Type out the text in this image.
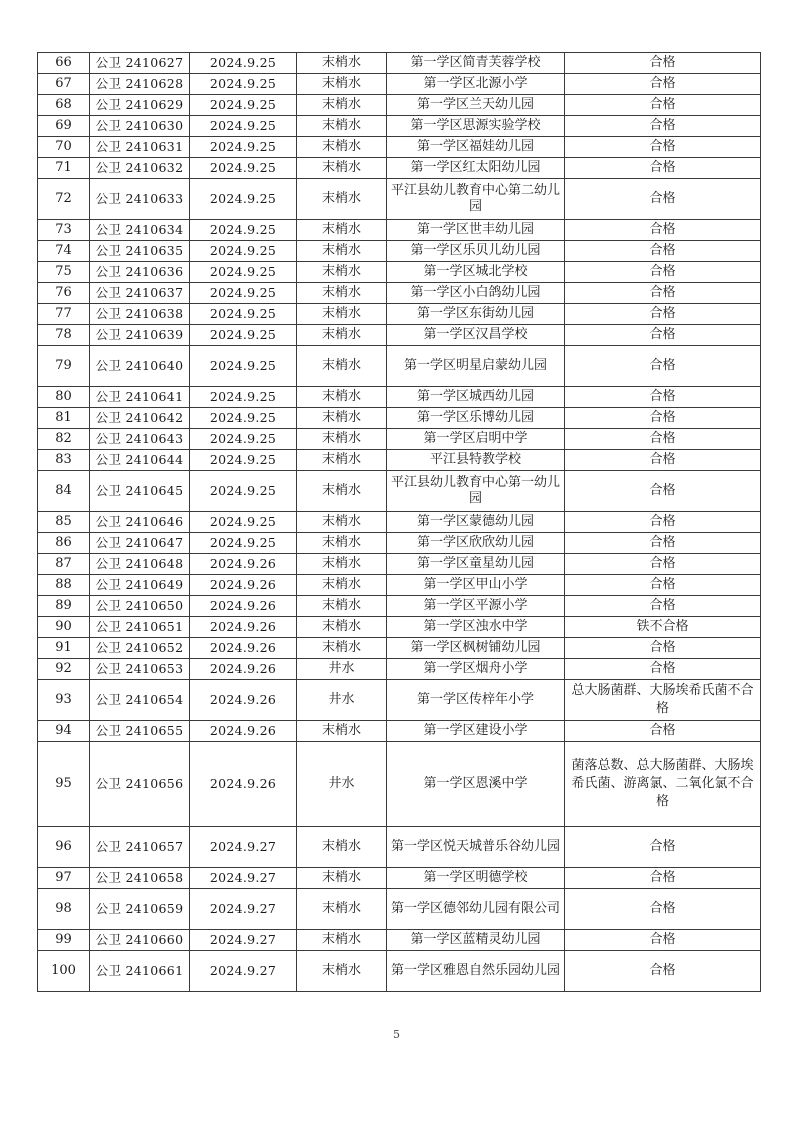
66	公卫 2410627	2024.9.25	末梢水	第一学区简青芙蓉学校	合格
67	公卫 2410628	2024.9.25	末梢水	第一学区北源小学	合格
68	公卫 2410629	2024.9.25	末梢水	第一学区兰天幼儿园	合格
69	公卫 2410630	2024.9.25	末梢水	第一学区思源实验学校	合格
70	公卫 2410631	2024.9.25	末梢水	第一学区福娃幼儿园	合格
71	公卫 2410632	2024.9.25	末梢水	第一学区红太阳幼儿园	合格
72	公卫 2410633	2024.9.25	末梢水	平江县幼儿教育中心第二幼儿园	合格
73	公卫 2410634	2024.9.25	末梢水	第一学区世丰幼儿园	合格
74	公卫 2410635	2024.9.25	末梢水	第一学区乐贝儿幼儿园	合格
75	公卫 2410636	2024.9.25	末梢水	第一学区城北学校	合格
76	公卫 2410637	2024.9.25	末梢水	第一学区小白鸽幼儿园	合格
77	公卫 2410638	2024.9.25	末梢水	第一学区东街幼儿园	合格
78	公卫 2410639	2024.9.25	末梢水	第一学区汉昌学校	合格
79	公卫 2410640	2024.9.25	末梢水	第一学区明星启蒙幼儿园	合格
80	公卫 2410641	2024.9.25	末梢水	第一学区城西幼儿园	合格
81	公卫 2410642	2024.9.25	末梢水	第一学区乐博幼儿园	合格
82	公卫 2410643	2024.9.25	末梢水	第一学区启明中学	合格
83	公卫 2410644	2024.9.25	末梢水	平江县特教学校	合格
84	公卫 2410645	2024.9.25	末梢水	平江县幼儿教育中心第一幼儿园	合格
85	公卫 2410646	2024.9.25	末梢水	第一学区蒙德幼儿园	合格
86	公卫 2410647	2024.9.25	末梢水	第一学区欣欣幼儿园	合格
87	公卫 2410648	2024.9.26	末梢水	第一学区童星幼儿园	合格
88	公卫 2410649	2024.9.26	末梢水	第一学区甲山小学	合格
89	公卫 2410650	2024.9.26	末梢水	第一学区平源小学	合格
90	公卫 2410651	2024.9.26	末梢水	第一学区浊水中学	铁不合格
91	公卫 2410652	2024.9.26	末梢水	第一学区枫树铺幼儿园	合格
92	公卫 2410653	2024.9.26	井水	第一学区烟舟小学	合格
93	公卫 2410654	2024.9.26	井水	第一学区传梓年小学	总大肠菌群、大肠埃希氏菌不合格
94	公卫 2410655	2024.9.26	末梢水	第一学区建设小学	合格
95	公卫 2410656	2024.9.26	井水	第一学区恩溪中学	菌落总数、总大肠菌群、大肠埃希氏菌、游离氯、二氧化氯不合格
96	公卫 2410657	2024.9.27	末梢水	第一学区悦天城普乐谷幼儿园	合格
97	公卫 2410658	2024.9.27	末梢水	第一学区明德学校	合格
98	公卫 2410659	2024.9.27	末梢水	第一学区德邻幼儿园有限公司	合格
99	公卫 2410660	2024.9.27	末梢水	第一学区蓝精灵幼儿园	合格
100	公卫 2410661	2024.9.27	末梢水	第一学区雅恩自然乐园幼儿园	合格
5
